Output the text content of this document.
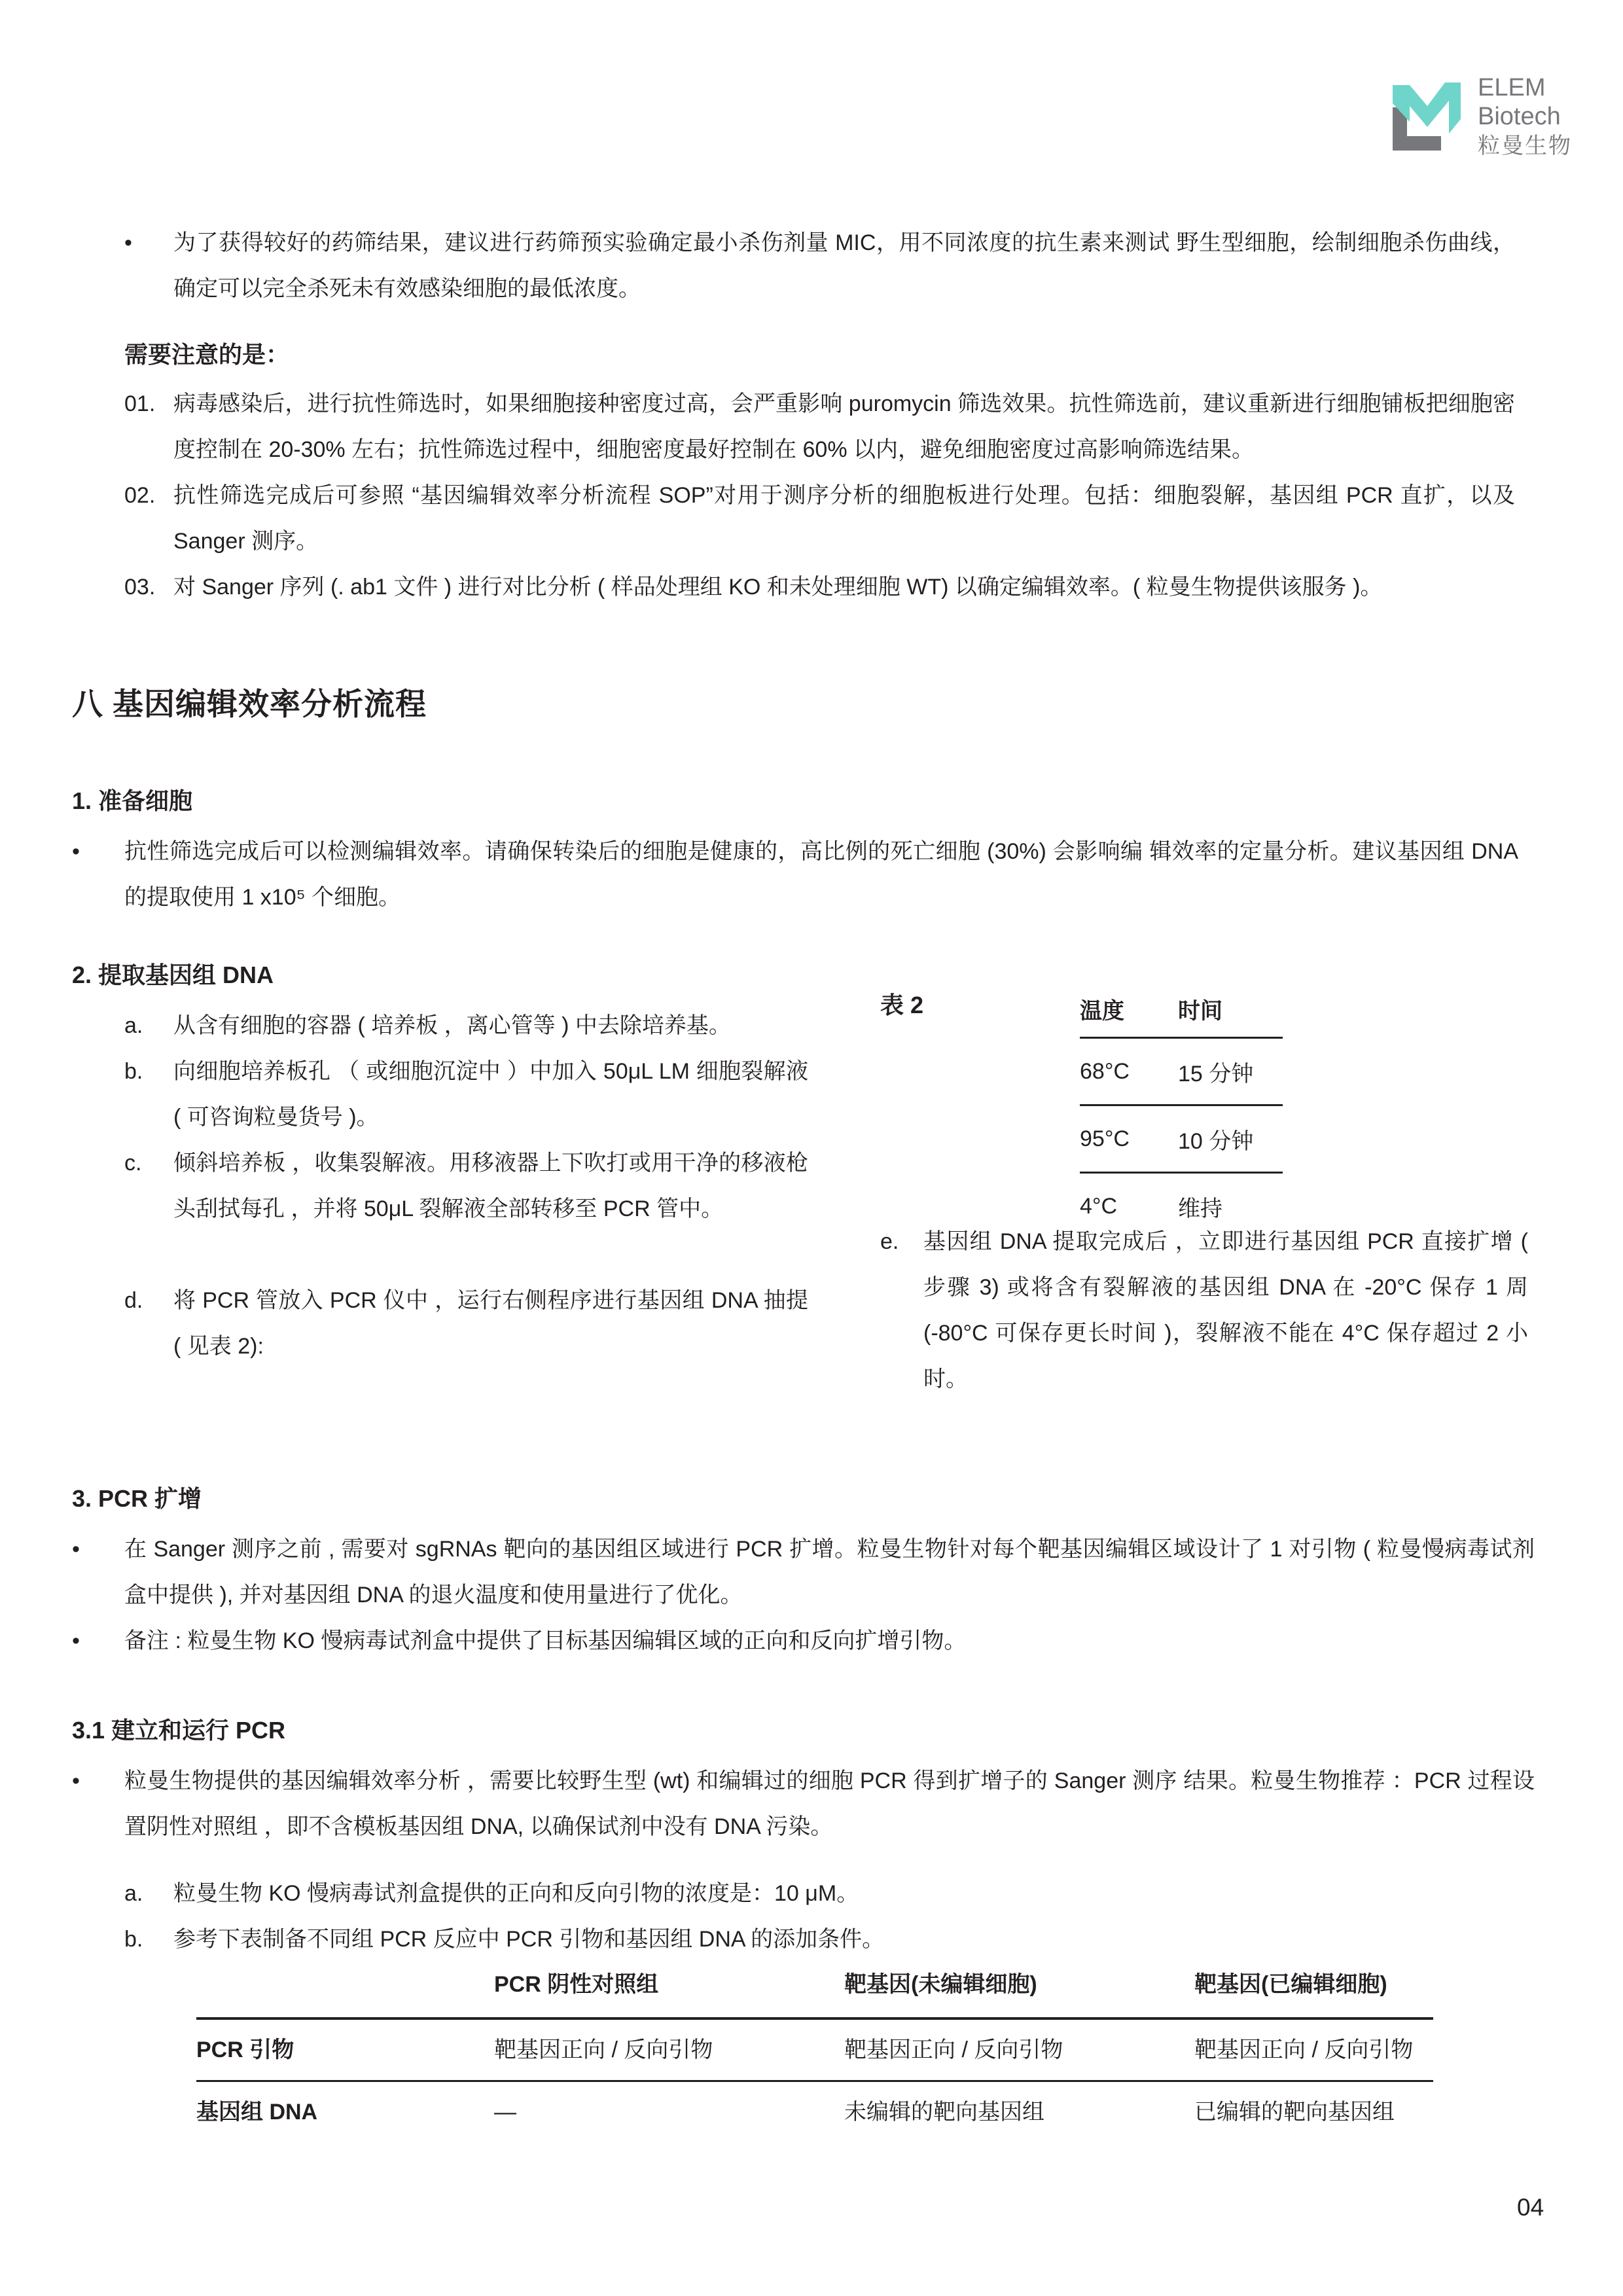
ELEM
Biotech
粒曼生物
•	为了获得较好的药筛结果，建议进行药筛预实验确定最小杀伤剂量 MIC，用不同浓度的抗生素来测试 野生型细胞，绘制细胞杀伤曲线，确定可以完全杀死未有效感染细胞的最低浓度。
需要注意的是：
01. 病毒感染后，进行抗性筛选时，如果细胞接种密度过高，会严重影响 puromycin 筛选效果。抗性筛选前，建议重新进行细胞铺板把细胞密度控制在 20-30% 左右；抗性筛选过程中，细胞密度最好控制在 60% 以内，避免细胞密度过高影响筛选结果。
02. 抗性筛选完成后可参照 “基因编辑效率分析流程 SOP”对用于测序分析的细胞板进行处理。包括：细胞裂解，基因组 PCR 直扩，以及 Sanger 测序。
03. 对 Sanger 序列 (. ab1 文件 ) 进行对比分析 ( 样品处理组 KO 和未处理细胞 WT) 以确定编辑效率。( 粒曼生物提供该服务 )。
八 基因编辑效率分析流程
1. 准备细胞
•	抗性筛选完成后可以检测编辑效率。请确保转染后的细胞是健康的，高比例的死亡细胞 (30%) 会影响编 辑效率的定量分析。建议基因组 DNA 的提取使用 1 x10⁵ 个细胞。
2. 提取基因组 DNA
a.	从含有细胞的容器 ( 培养板 ，离心管等 ) 中去除培养基。
b.	向细胞培养板孔 （ 或细胞沉淀中 ）中加入 50μL LM 细胞裂解液 ( 可咨询粒曼货号 )。
c.	倾斜培养板 ，收集裂解液。用移液器上下吹打或用干净的移液枪头刮拭每孔 ，并将 50μL 裂解液全部转移至 PCR 管中。
d.	将 PCR 管放入 PCR 仪中 ，运行右侧程序进行基因组 DNA 抽提 ( 见表 2):
表 2	温度	时间
68°C	15 分钟
95°C	10 分钟
4°C	维持
e.	基因组 DNA 提取完成后 ，立即进行基因组 PCR 直接扩增 ( 步骤 3) 或将含有裂解液的基因组 DNA 在 -20°C 保存 1 周 (-80°C 可保存更长时间 )，裂解液不能在 4°C 保存超过 2 小时。
3. PCR 扩增
•	在 Sanger 测序之前 , 需要对 sgRNAs 靶向的基因组区域进行 PCR 扩增。粒曼生物针对每个靶基因编辑区域设计了 1 对引物 ( 粒曼慢病毒试剂盒中提供 ), 并对基因组 DNA 的退火温度和使用量进行了优化。
•	备注 : 粒曼生物 KO 慢病毒试剂盒中提供了目标基因编辑区域的正向和反向扩增引物。
3.1 建立和运行 PCR
•	粒曼生物提供的基因编辑效率分析 ，需要比较野生型 (wt) 和编辑过的细胞 PCR 得到扩增子的 Sanger 测序 结果。粒曼生物推荐 ：PCR 过程设置阴性对照组 ，即不含模板基因组 DNA, 以确保试剂中没有 DNA 污染。
a.	粒曼生物 KO 慢病毒试剂盒提供的正向和反向引物的浓度是：10 μM。
b.	参考下表制备不同组 PCR 反应中 PCR 引物和基因组 DNA 的添加条件。
	PCR 阴性对照组	靶基因(未编辑细胞)	靶基因(已编辑细胞)
PCR 引物	靶基因正向 / 反向引物	靶基因正向 / 反向引物	靶基因正向 / 反向引物
基因组 DNA	—	未编辑的靶向基因组	已编辑的靶向基因组
04
